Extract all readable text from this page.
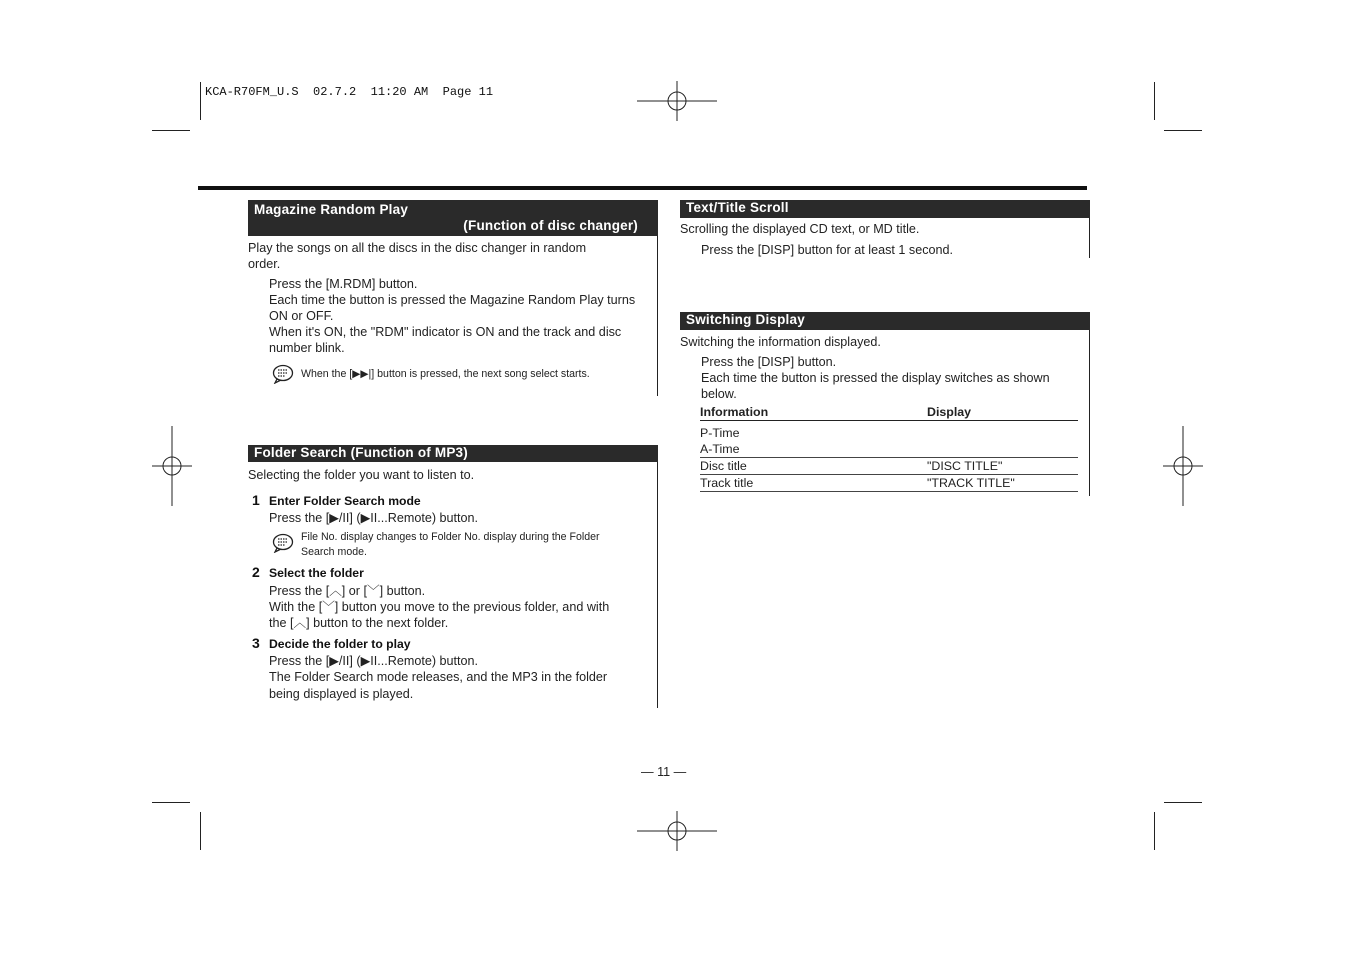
KCA-R70FM_U.S  02.7.2  11:20 AM  Page 11
Magazine Random Play
(Function of disc changer)
Play the songs on all the discs in the disc changer in random
order.
Press the [M.RDM] button.
Each time the button is pressed the Magazine Random Play turns
ON or OFF.
When it's ON, the "RDM" indicator is ON and the track and disc
number blink.
When the [▶▶|] button is pressed, the next song select starts.
Folder Search (Function of MP3)
Selecting the folder you want to listen to.
1 Enter Folder Search mode
Press the [▶/II] (▶II...Remote) button.
File No. display changes to Folder No. display during the Folder
Search mode.
2 Select the folder
Press the [︿] or [﹀] button.
With the [﹀] button you move to the previous folder, and with
the [︿] button to the next folder.
3 Decide the folder to play
Press the [▶/II] (▶II...Remote) button.
The Folder Search mode releases, and the MP3 in the folder
being displayed is played.
Text/Title Scroll
Scrolling the displayed CD text, or MD title.
Press the [DISP] button for at least 1 second.
Switching Display
Switching the information displayed.
Press the [DISP] button.
Each time the button is pressed the display switches as shown
below.
Information	Display
P-Time	
A-Time	
Disc title	"DISC TITLE"
Track title	"TRACK TITLE"
— 11 —
